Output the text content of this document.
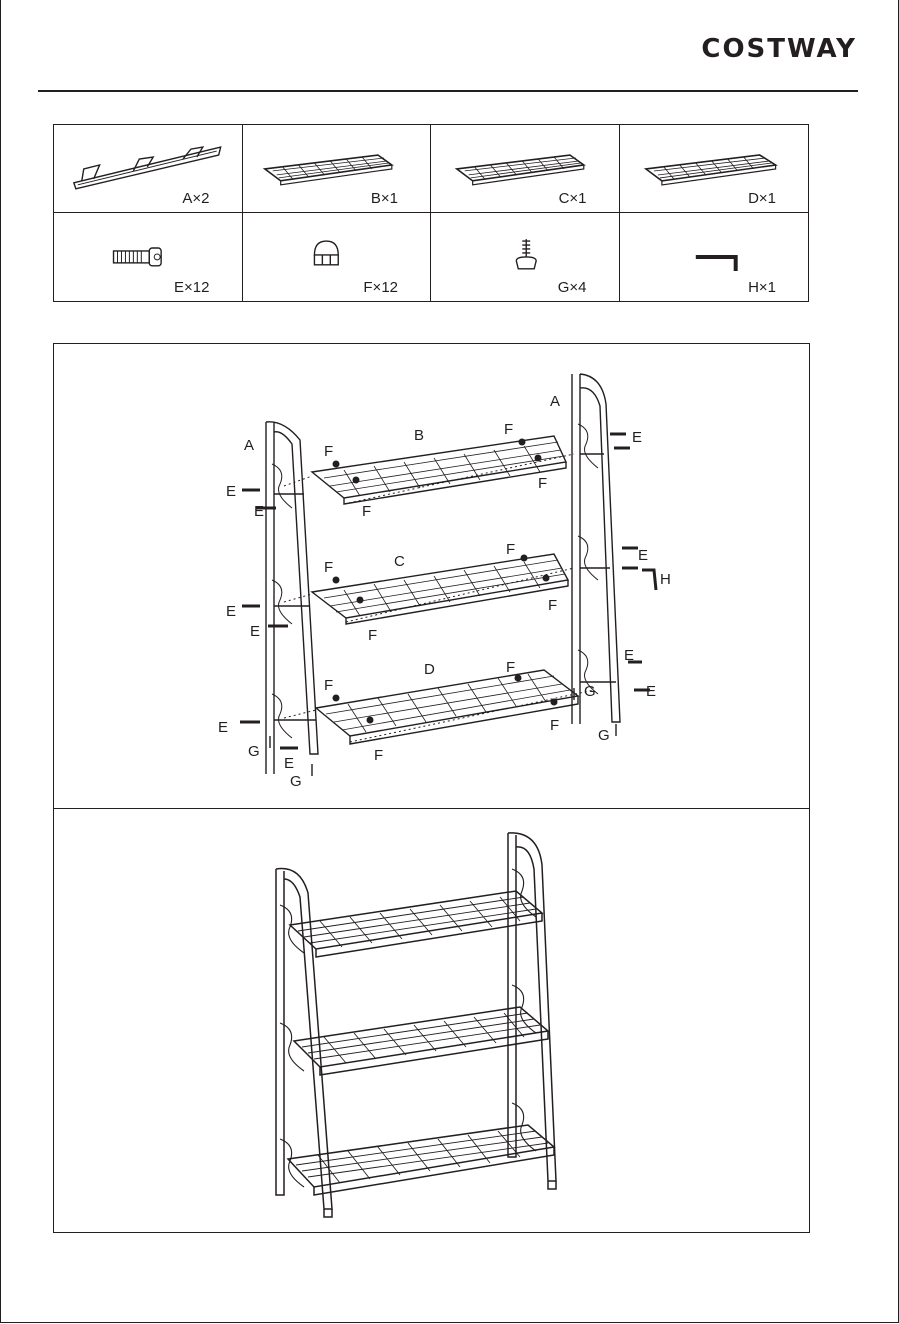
COSTWAY
A×2	B×1	C×1	D×1
E×12	F×12	G×4	H×1
A
A
B
C
D
E
E
E
E
E
E
E
E
E
E
F
F
F
F
F
F
F
F
F
F
F
F
G
G
G
G
H
